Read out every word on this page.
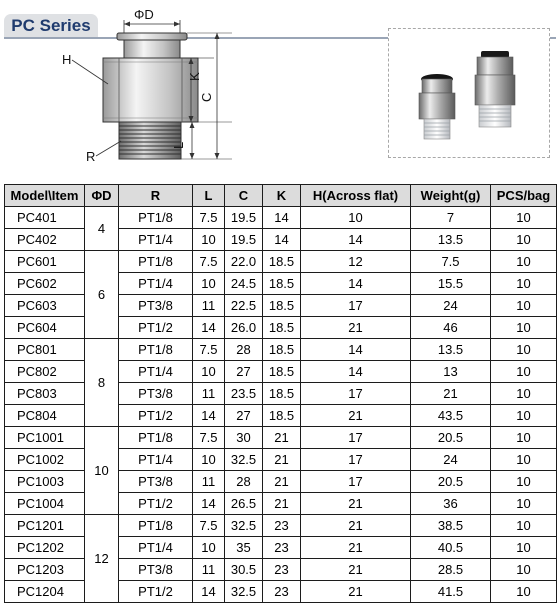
PC Series
ΦD
H
K
C
L
R
Model\Item	ΦD	R	L	C	K	H(Across flat)	Weight(g)	PCS/bag
PC401	4	PT1/8	7.5	19.5	14	10	7	10
PC402		PT1/4	10	19.5	14	14	13.5	10
PC601	6	PT1/8	7.5	22.0	18.5	12	7.5	10
PC602		PT1/4	10	24.5	18.5	14	15.5	10
PC603		PT3/8	11	22.5	18.5	17	24	10
PC604		PT1/2	14	26.0	18.5	21	46	10
PC801	8	PT1/8	7.5	28	18.5	14	13.5	10
PC802		PT1/4	10	27	18.5	14	13	10
PC803		PT3/8	11	23.5	18.5	17	21	10
PC804		PT1/2	14	27	18.5	21	43.5	10
PC1001	10	PT1/8	7.5	30	21	17	20.5	10
PC1002		PT1/4	10	32.5	21	17	24	10
PC1003		PT3/8	11	28	21	17	20.5	10
PC1004		PT1/2	14	26.5	21	21	36	10
PC1201	12	PT1/8	7.5	32.5	23	21	38.5	10
PC1202		PT1/4	10	35	23	21	40.5	10
PC1203		PT3/8	11	30.5	23	21	28.5	10
PC1204		PT1/2	14	32.5	23	21	41.5	10
